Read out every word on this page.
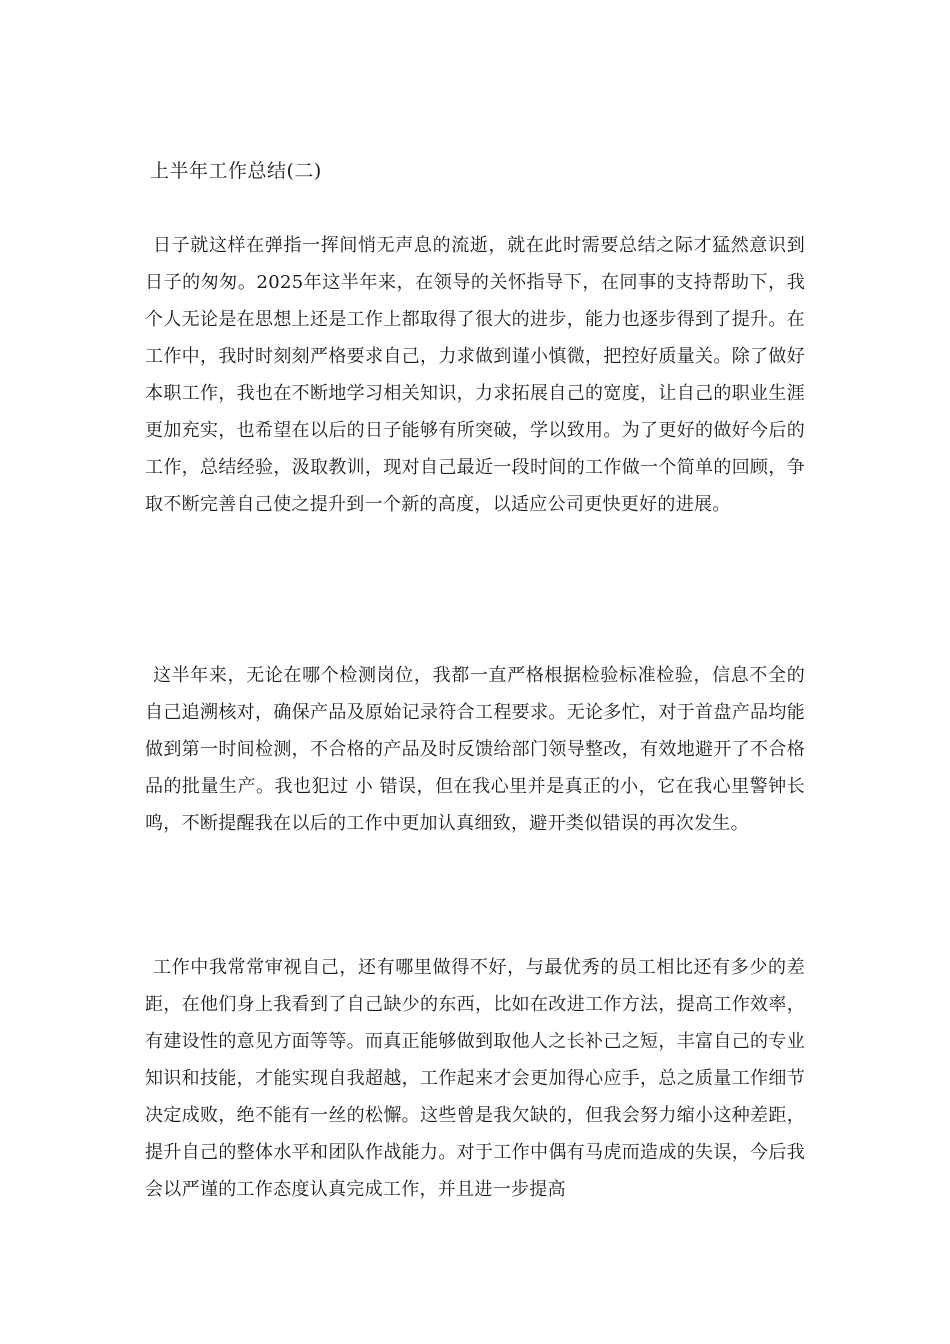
上半年工作总结(二)

日子就这样在弹指一挥间悄无声息的流逝，就在此时需要总结之际才猛然意识到日子的匆匆。2025年这半年来，在领导的关怀指导下，在同事的支持帮助下，我个人无论是在思想上还是工作上都取得了很大的进步，能力也逐步得到了提升。在工作中，我时时刻刻严格要求自己，力求做到谨小慎微，把控好质量关。除了做好本职工作，我也在不断地学习相关知识，力求拓展自己的宽度，让自己的职业生涯更加充实，也希望在以后的日子能够有所突破，学以致用。为了更好的做好今后的工作，总结经验，汲取教训，现对自己最近一段时间的工作做一个简单的回顾，争取不断完善自己使之提升到一个新的高度，以适应公司更快更好的进展。

这半年来，无论在哪个检测岗位，我都一直严格根据检验标准检验，信息不全的自己追溯核对，确保产品及原始记录符合工程要求。无论多忙，对于首盘产品均能做到第一时间检测，不合格的产品及时反馈给部门领导整改，有效地避开了不合格品的批量生产。我也犯过 小 错误，但在我心里并是真正的小，它在我心里警钟长鸣，不断提醒我在以后的工作中更加认真细致，避开类似错误的再次发生。

工作中我常常审视自己，还有哪里做得不好，与最优秀的员工相比还有多少的差距，在他们身上我看到了自己缺少的东西，比如在改进工作方法，提高工作效率，有建设性的意见方面等等。而真正能够做到取他人之长补己之短，丰富自己的专业知识和技能，才能实现自我超越，工作起来才会更加得心应手，总之质量工作细节决定成败，绝不能有一丝的松懈。这些曾是我欠缺的，但我会努力缩小这种差距，提升自己的整体水平和团队作战能力。对于工作中偶有马虎而造成的失误，今后我会以严谨的工作态度认真完成工作，并且进一步提高
